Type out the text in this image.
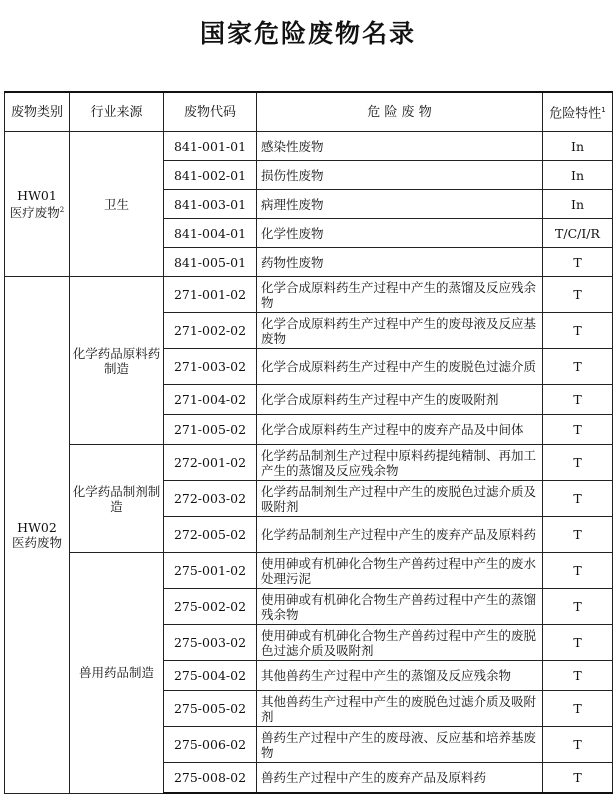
国家危险废物名录
废物类别	行业来源	废物代码	危 险 废 物	危险特性$^1$

HW01
医疗废物$^2$	卫生	841-001-01	感染性废物	In
		841-002-01	损伤性废物	In
		841-003-01	病理性废物	In
		841-004-01	化学性废物	T/C/I/R
		841-005-01	药物性废物	T

HW02
医药废物	化学药品原料药制造	271-001-02	化学合成原料药生产过程中产生的蒸馏及反应残余物	T
		271-002-02	化学合成原料药生产过程中产生的废母液及反应基废物	T
		271-003-02	化学合成原料药生产过程中产生的废脱色过滤介质	T
		271-004-02	化学合成原料药生产过程中产生的废吸附剂	T
		271-005-02	化学合成原料药生产过程中的废弃产品及中间体	T
	化学药品制剂制造	272-001-02	化学药品制剂生产过程中原料药提纯精制、再加工产生的蒸馏及反应残余物	T
		272-003-02	化学药品制剂生产过程中产生的废脱色过滤介质及吸附剂	T
		272-005-02	化学药品制剂生产过程中产生的废弃产品及原料药	T
	兽用药品制造	275-001-02	使用砷或有机砷化合物生产兽药过程中产生的废水处理污泥	T
		275-002-02	使用砷或有机砷化合物生产兽药过程中产生的蒸馏残余物	T
		275-003-02	使用砷或有机砷化合物生产兽药过程中产生的废脱色过滤介质及吸附剂	T
		275-004-02	其他兽药生产过程中产生的蒸馏及反应残余物	T
		275-005-02	其他兽药生产过程中产生的废脱色过滤介质及吸附剂	T
		275-006-02	兽药生产过程中产生的废母液、反应基和培养基废物	T
		275-008-02	兽药生产过程中产生的废弃产品及原料药	T
